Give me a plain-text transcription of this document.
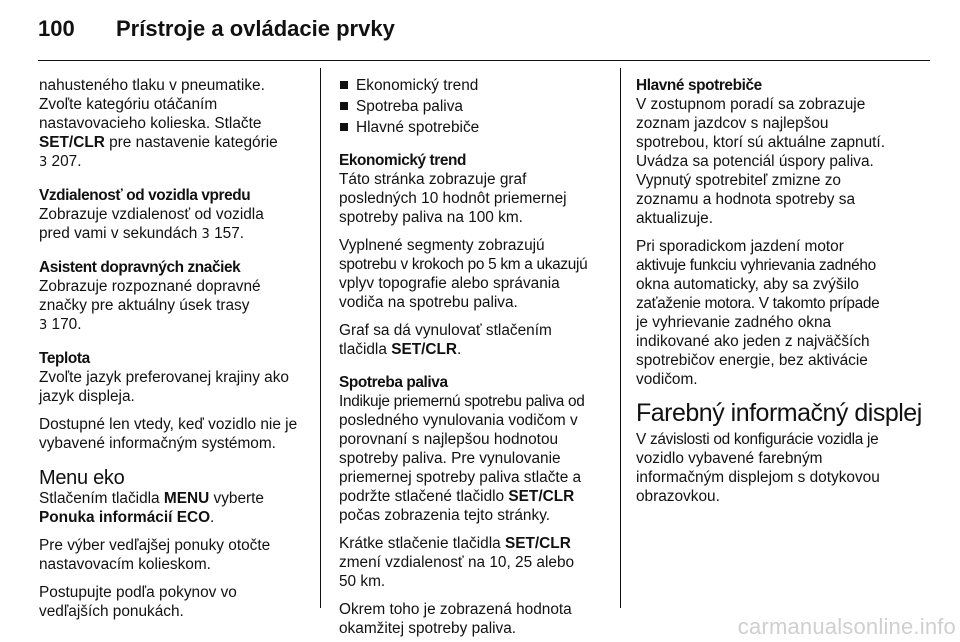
100	Prístroje a ovládacie prvky

nahusteného tlaku v pneumatike.
Zvoľte kategóriu otáčaním
nastavovacieho kolieska. Stlačte
SET/CLR pre nastavenie kategórie
3 207.

Vzdialenosť od vozidla vpredu
Zobrazuje vzdialenosť od vozidla
pred vami v sekundách 3 157.
Asistent dopravných značiek
Zobrazuje rozpoznané dopravné
značky pre aktuálny úsek trasy
3 170.
Teplota

Zvoľte jazyk preferovanej krajiny ako
jazyk displeja.

Dostupné len vtedy, keď vozidlo nie je
vybavené informačným systémom.

Menu eko

Stlačením tlačidla MENU vyberte
Ponuka informácií ECO.

Pre výber vedľajšej ponuky otočte
nastavovacím kolieskom.

Postupujte podľa pokynov vo
vedľajších ponukách.

Ekonomický trend
Spotreba paliva
Hlavné spotrebiče
Ekonomický trend

Táto stránka zobrazuje graf
posledných 10 hodnôt priemernej
spotreby paliva na 100 km.

Vyplnené segmenty zobrazujú
spotrebu v krokoch po 5 km a ukazujú
vplyv topografie alebo správania
vodiča na spotrebu paliva.

Graf sa dá vynulovať stlačením
tlačidla SET/CLR.

Spotreba paliva

Indikuje priemernú spotrebu paliva od
posledného vynulovania vodičom v
porovnaní s najlepšou hodnotou
spotreby paliva. Pre vynulovanie
priemernej spotreby paliva stlačte a
podržte stlačené tlačidlo SET/CLR
počas zobrazenia tejto stránky.

Krátke stlačenie tlačidla SET/CLR
zmení vzdialenosť na 10, 25 alebo
50 km.

Okrem toho je zobrazená hodnota
okamžitej spotreby paliva.

Hlavné spotrebiče

V zostupnom poradí sa zobrazuje
zoznam jazdcov s najlepšou
spotrebou, ktorí sú aktuálne zapnutí.
Uvádza sa potenciál úspory paliva.
Vypnutý spotrebiteľ zmizne zo
zoznamu a hodnota spotreby sa
aktualizuje.

Pri sporadickom jazdení motor
aktivuje funkciu vyhrievania zadného
okna automaticky, aby sa zvýšilo
zaťaženie motora. V takomto prípade
je vyhrievanie zadného okna
indikované ako jeden z najväčších
spotrebičov energie, bez aktivácie
vodičom.

Farebný informačný displej

V závislosti od konfigurácie vozidla je
vozidlo vybavené farebným
informačným displejom s dotykovou
obrazovkou.

carmanualsonline.info
